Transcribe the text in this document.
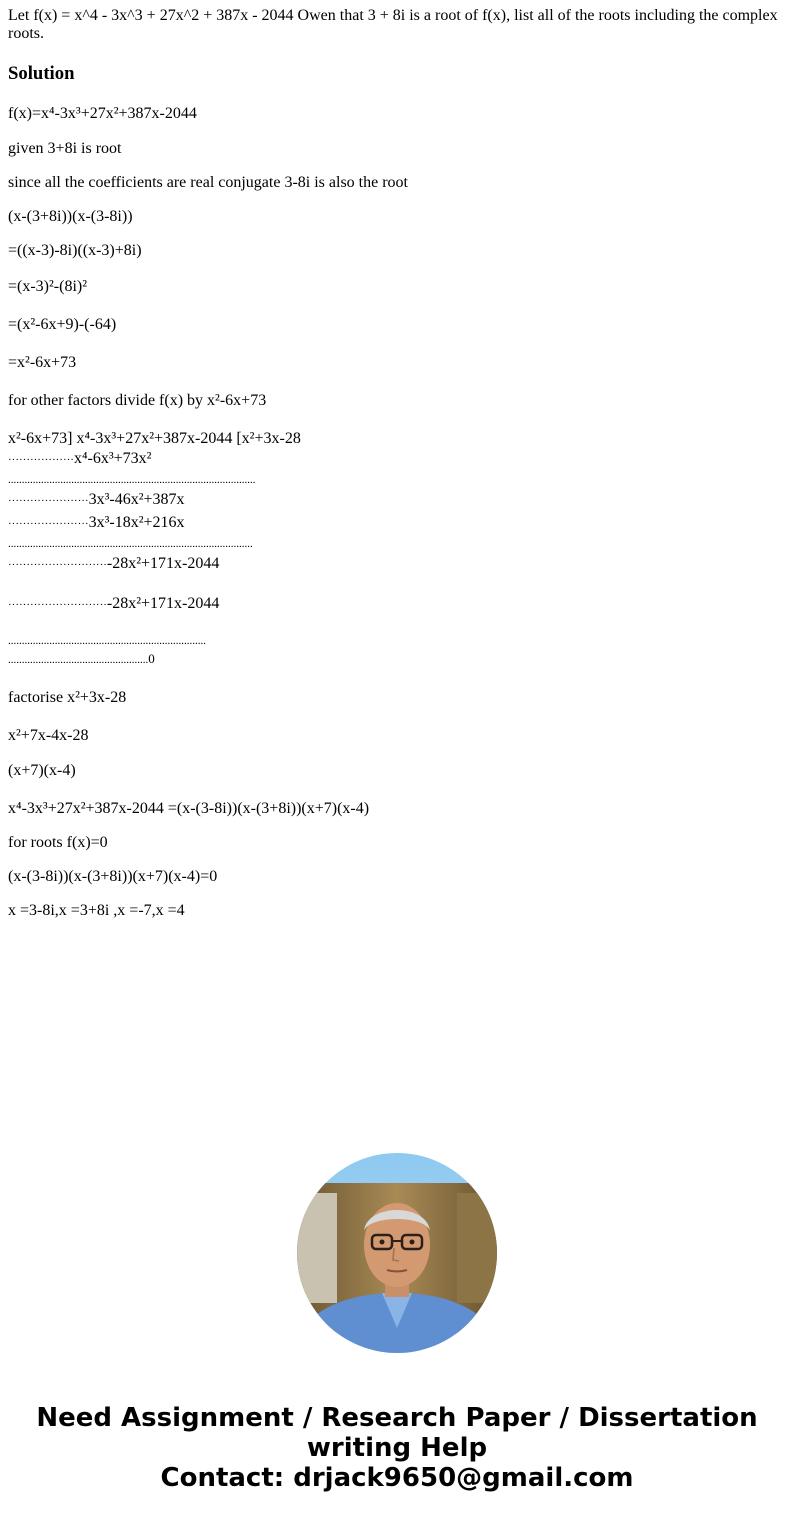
Let f(x) = x^4 - 3x^3 + 27x^2 + 387x - 2044 Owen that 3 + 8i is a root of f(x), list all of the roots including the complex roots.

Solution

f(x)=x⁴-3x³+27x²+387x-2044

given 3+8i is root

since all the coefficients are real conjugate 3-8i is also the root

(x-(3+8i))(x-(3-8i))

=((x-3)-8i)((x-3)+8i)

=(x-3)²-(8i)²

=(x²-6x+9)-(-64)

=x²-6x+73

for other factors divide f(x) by x²-6x+73

x²-6x+73] x⁴-3x³+27x²+387x-2044 [x²+3x-28

··················x⁴-6x³+73x²

..........................................................................................

······················3x³-46x²+387x

······················3x³-18x²+216x

.........................................................................................

···························-28x²+171x-2044

···························-28x²+171x-2044

........................................................................

...................................................0

factorise x²+3x-28

x²+7x-4x-28

(x+7)(x-4)

x⁴-3x³+27x²+387x-2044 =(x-(3-8i))(x-(3+8i))(x+7)(x-4)

for roots f(x)=0

(x-(3-8i))(x-(3+8i))(x+7)(x-4)=0

x =3-8i,x =3+8i ,x =-7,x =4

Need Assignment / Research Paper / Dissertation
writing Help
Contact: drjack9650@gmail.com
